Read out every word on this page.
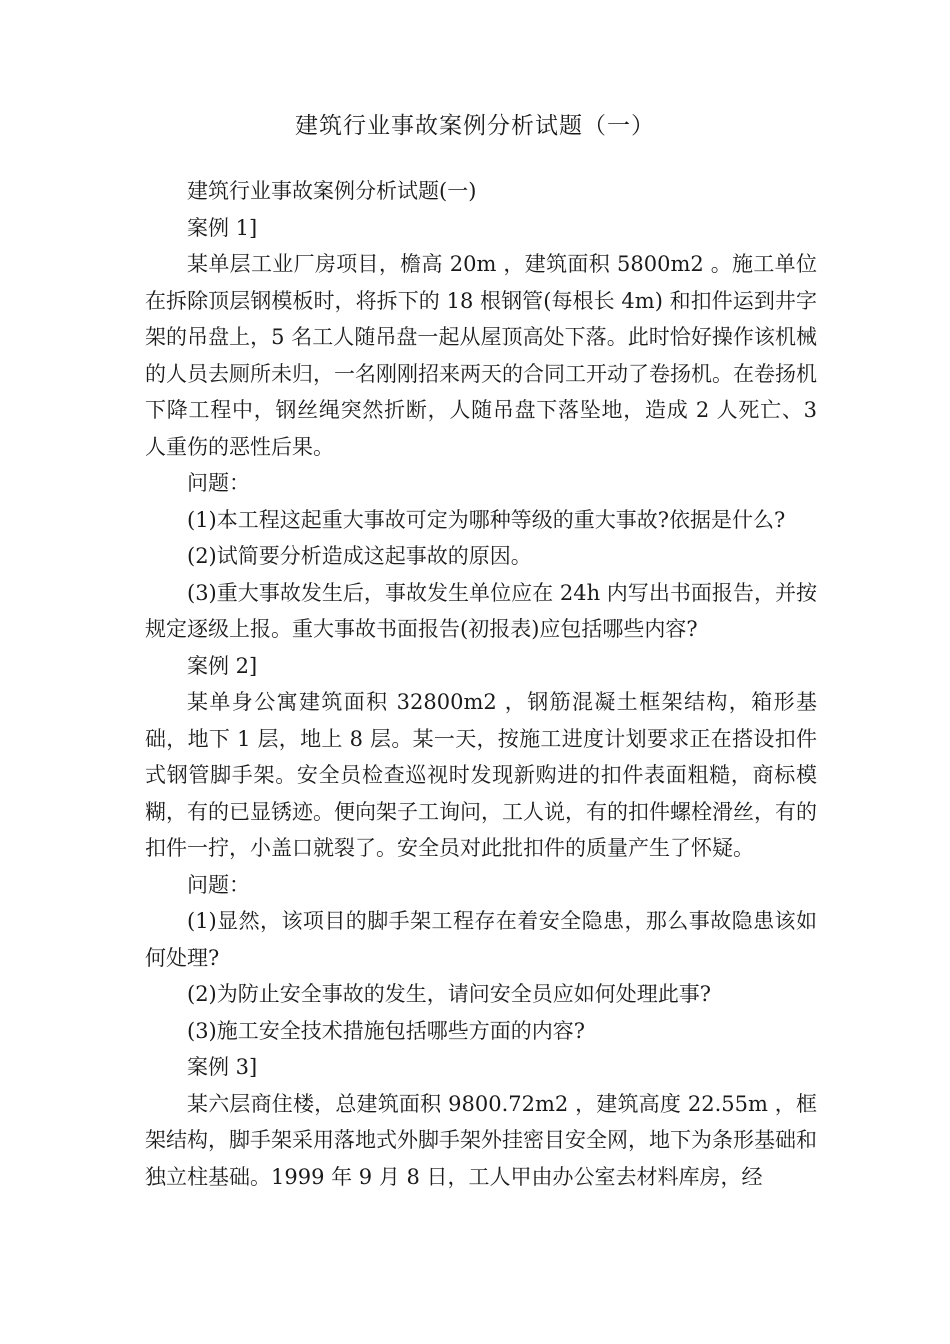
建筑行业事故案例分析试题（一）

建筑行业事故案例分析试题(一)

案例 1]

某单层工业厂房项目，檐高 20m ，建筑面积 5800m2 。施工单位在拆除顶层钢模板时，将拆下的 18 根钢管(每根长 4m) 和扣件运到井字架的吊盘上，5 名工人随吊盘一起从屋顶高处下落。此时恰好操作该机械的人员去厕所未归，一名刚刚招来两天的合同工开动了卷扬机。在卷扬机下降工程中，钢丝绳突然折断，人随吊盘下落坠地，造成 2 人死亡、3 人重伤的恶性后果。

问题：

(1)本工程这起重大事故可定为哪种等级的重大事故?依据是什么?

(2)试简要分析造成这起事故的原因。

(3)重大事故发生后，事故发生单位应在 24h 内写出书面报告，并按规定逐级上报。重大事故书面报告(初报表)应包括哪些内容?

案例 2]

某单身公寓建筑面积 32800m2 ，钢筋混凝土框架结构，箱形基础，地下 1 层，地上 8 层。某一天，按施工进度计划要求正在搭设扣件式钢管脚手架。安全员检查巡视时发现新购进的扣件表面粗糙，商标模糊，有的已显锈迹。便向架子工询问，工人说，有的扣件螺栓滑丝，有的扣件一拧，小盖口就裂了。安全员对此批扣件的质量产生了怀疑。

问题：

(1)显然，该项目的脚手架工程存在着安全隐患，那么事故隐患该如何处理?

(2)为防止安全事故的发生，请问安全员应如何处理此事?

(3)施工安全技术措施包括哪些方面的内容?

案例 3]

某六层商住楼，总建筑面积 9800.72m2 ，建筑高度 22.55m ，框架结构，脚手架采用落地式外脚手架外挂密目安全网，地下为条形基础和独立柱基础。1999 年 9 月 8 日，工人甲由办公室去材料库房，经
